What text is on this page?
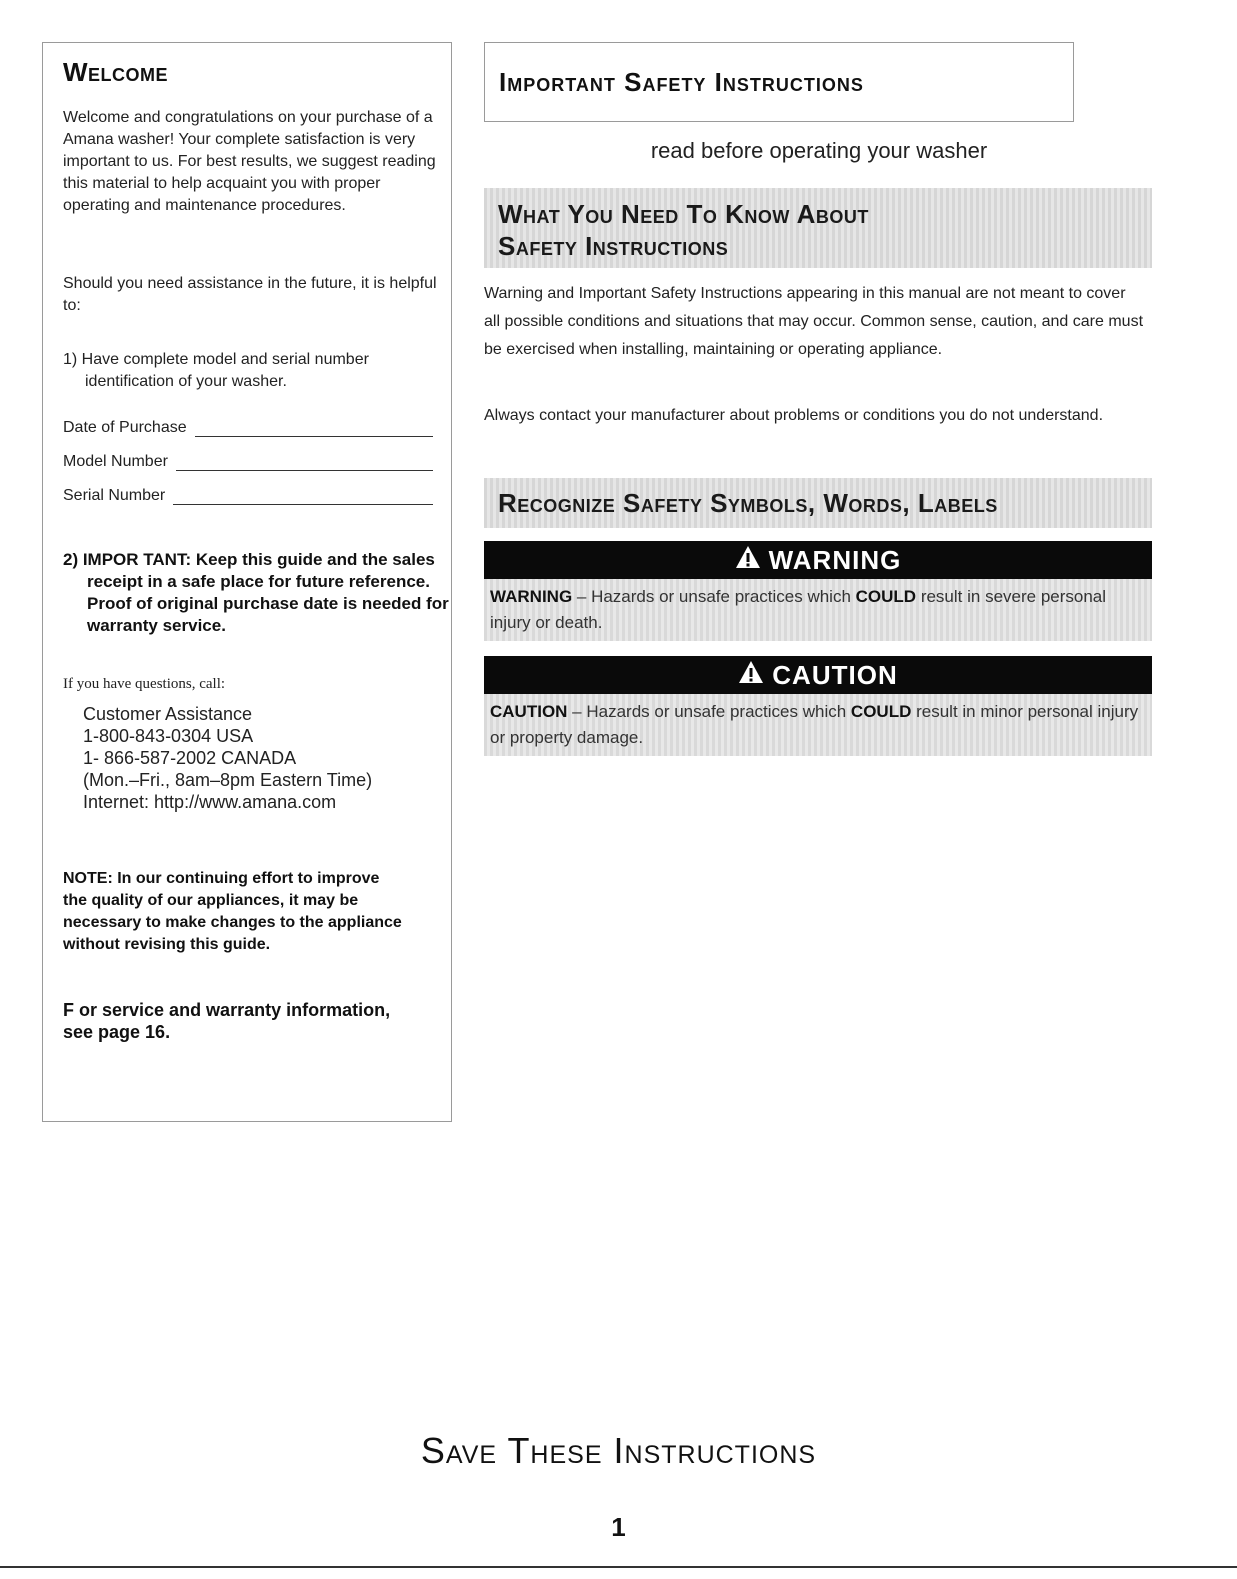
Welcome
Welcome and congratulations on your purchase of a Amana washer! Your complete satisfaction is very important to us. For best results, we suggest reading this material to help acquaint you with proper operating and maintenance procedures.
Should you need assistance in the future, it is helpful to:
1) Have complete model and serial number identification of your washer.
Date of Purchase
Model Number
Serial Number
2) IMPOR TANT: Keep this guide and the sales receipt in a safe place for future reference. Proof of original purchase date is needed for warranty service.
If you have questions, call:
Customer Assistance
1-800-843-0304 USA
1- 866-587-2002 CANADA
(Mon.–Fri., 8am–8pm Eastern Time)
Internet: http://www.amana.com
NOTE: In our continuing effort to improve the quality of our appliances, it may be necessary to make changes to the appliance without revising this guide.
F or service and warranty information, see page 16.
Important Safety Instructions
read before operating your washer
What You Need To Know About
Safety Instructions
Warning and Important Safety Instructions appearing in this manual are not meant to cover all possible conditions and situations that may occur. Common sense, caution, and care must be exercised when installing, maintaining or operating appliance.
Always contact your manufacturer about problems or conditions you do not understand.
Recognize Safety Symbols, Words, Labels
WARNING
WARNING – Hazards or unsafe practices which COULD result in severe personal injury or death.
CAUTION
CAUTION – Hazards or unsafe practices which COULD result in minor personal injury or property damage.
Save These Instructions
1
